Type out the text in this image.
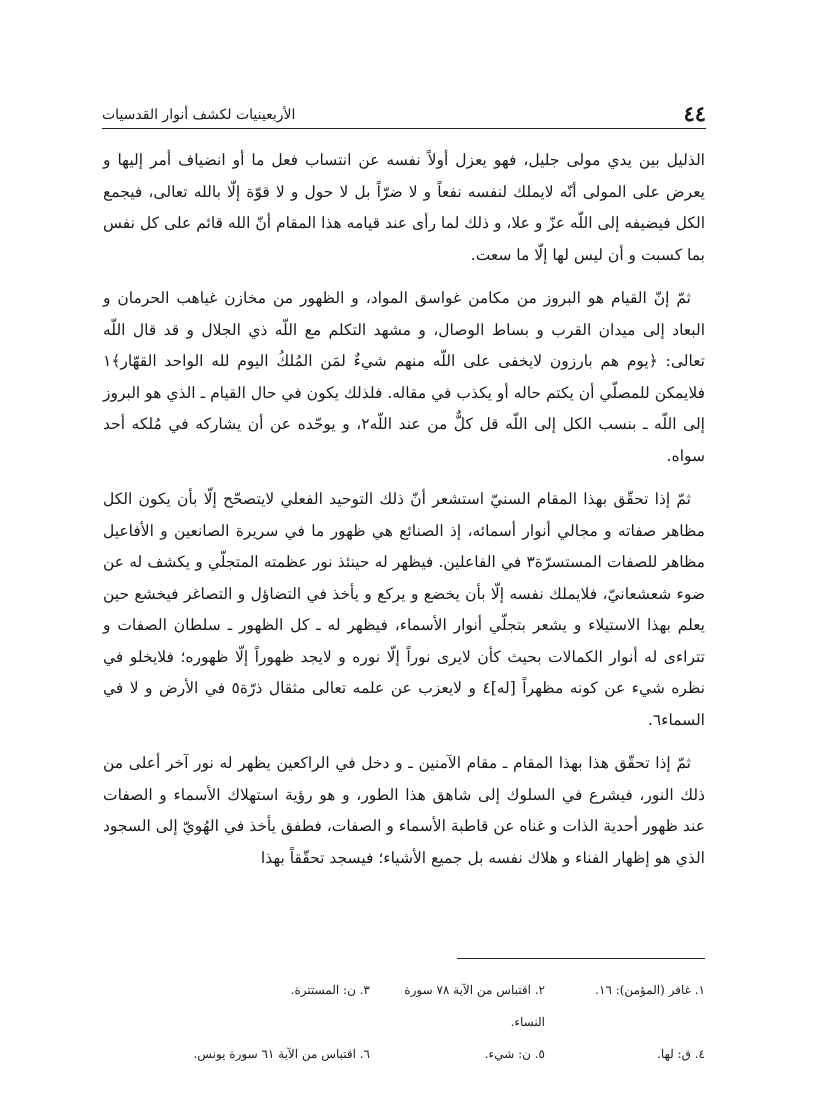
٤٤
الأربعينيات لكشف أنوار القدسيات

الذليل بين يدي مولى جليل، فهو يعزل أولاً نفسه عن انتساب فعل ما أو انضياف أمر إليها و يعرض على المولى أنّه لايملك لنفسه نفعاً و لا ضرّاً بل لا حول و لا قوّة إلّا بالله تعالى، فيجمع الكل فيضيفه إلى اللّه عزّ و علا، و ذلك لما رأى عند قيامه هذا المقام أنّ الله قائم على كل نفس بما كسبت و أن ليس لها إلّا ما سعت.

ثمّ إنّ القيام هو البروز من مكامن غواسق المواد، و الظهور من مخازن غياهب الحرمان و البعاد إلى ميدان القرب و بساط الوصال، و مشهد التكلم مع اللّه ذي الجلال و قد قال اللّه تعالى: ﴿يوم هم بارزون لايخفى على اللّه منهم شيءٌ لمَن المُلكُ اليوم لله الواحد القهّار﴾١ فلايمكن للمصلّي أن يكتم حاله أو يكذب في مقاله. فلذلك يكون في حال القيام ـ الذي هو البروز إلى اللّه ـ بنسب الكل إلى اللّه قل كلٌّ من عند اللّه٢، و يوحّده عن أن يشاركه في مُلكه أحد سواه.

ثمّ إذا تحقّق بهذا المقام السنيّ استشعر أنّ ذلك التوحيد الفعلي لايتصحّح إلّا بأن يكون الكل مظاهر صفاته و مجالي أنوار أسمائه، إذ الصنائع هي ظهور ما في سريرة الصانعين و الأفاعيل مظاهر للصفات المستسرّة٣ في الفاعلين. فيظهر له حينئذ نور عظمته المتجلّي و يكشف له عن ضوء شعشعانيّ، فلايملك نفسه إلّا بأن يخضع و يركع و يأخذ في التضاؤل و التصاغر فيخشع حين يعلم بهذا الاستيلاء و يشعر بتجلّي أنوار الأسماء، فيظهر له ـ كل الظهور ـ سلطان الصفات و تتراءى له أنوار الكمالات بحيث كأن لايرى نوراً إلّا نوره و لايجد ظهوراً إلّا ظهوره؛ فلايخلو في نظره شيء عن كونه مظهراً [له]٤ و لايعزب عن علمه تعالى مثقال ذرّة٥ في الأرض و لا في السماء٦.

ثمّ إذا تحقّق هذا بهذا المقام ـ مقام الآمنين ـ و دخل في الراكعين يظهر له نور آخر أعلى من ذلك النور، فيشرع في السلوك إلى شاهق هذا الطور، و هو رؤية استهلاك الأسماء و الصفات عند ظهور أحدية الذات و غناه عن قاطبة الأسماء و الصفات، فطفق يأخذ في الهُويّ إلى السجود الذي هو إظهار الفناء و هلاك نفسه بل جميع الأشياء؛ فيسجد تحقّقاً بهذا

١. غافر (المؤمن): ١٦.
٢. اقتباس من الآية ٧٨ سورة النساء.
٣. ن: المستترة.
٤. ق: لها.
٥. ن: شيء.
٦. اقتباس من الآية ٦١ سورة يونس.
